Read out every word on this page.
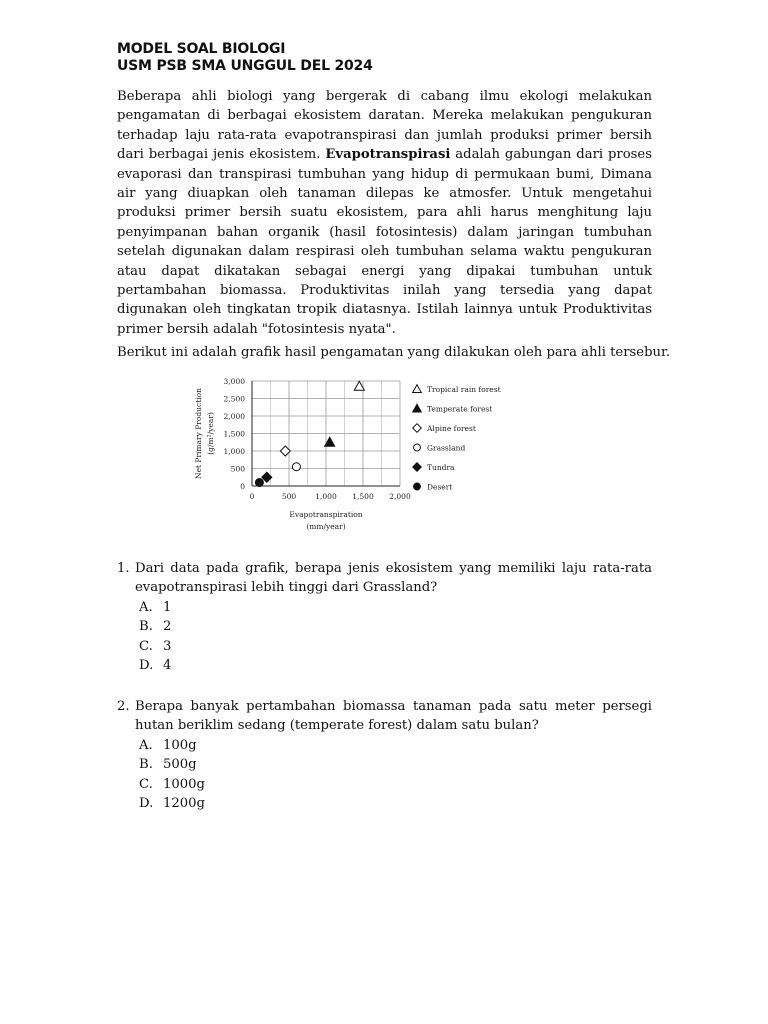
MODEL SOAL BIOLOGI
USM PSB SMA UNGGUL DEL 2024

Beberapa ahli biologi yang bergerak di cabang ilmu ekologi melakukan pengamatan di berbagai ekosistem daratan. Mereka melakukan pengukuran terhadap laju rata-rata evapotranspirasi dan jumlah produksi primer bersih dari berbagai jenis ekosistem. Evapotranspirasi adalah gabungan dari proses evaporasi dan transpirasi tumbuhan yang hidup di permukaan bumi, Dimana air yang diuapkan oleh tanaman dilepas ke atmosfer. Untuk mengetahui produksi primer bersih suatu ekosistem, para ahli harus menghitung laju penyimpanan bahan organik (hasil fotosintesis) dalam jaringan tumbuhan setelah digunakan dalam respirasi oleh tumbuhan selama waktu pengukuran atau dapat dikatakan sebagai energi yang dipakai tumbuhan untuk pertambahan biomassa. Produktivitas inilah yang tersedia yang dapat digunakan oleh tingkatan tropik diatasnya. Istilah lainnya untuk Produktivitas primer bersih adalah "fotosintesis nyata".

Berikut ini adalah grafik hasil pengamatan yang dilakukan oleh para ahli tersebur.
0
500
1,000
1,500
2,000
2,500
3,000
0	500	1,000 1,500 2,000
Evapotranspiration
(mm/year)
Net Primary Production (g/m²/year)
Tropical rain forest
Temperate forest
Alpine forest
Grassland
Tundra
Desert
1. Dari data pada grafik, berapa jenis ekosistem yang memiliki laju rata-rata evapotranspirasi lebih tinggi dari Grassland?
A. 1
B. 2
C. 3
D. 4
2. Berapa banyak pertambahan biomassa tanaman pada satu meter persegi hutan beriklim sedang (temperate forest) dalam satu bulan?
A. 100g
B. 500g
C. 1000g
D. 1200g
